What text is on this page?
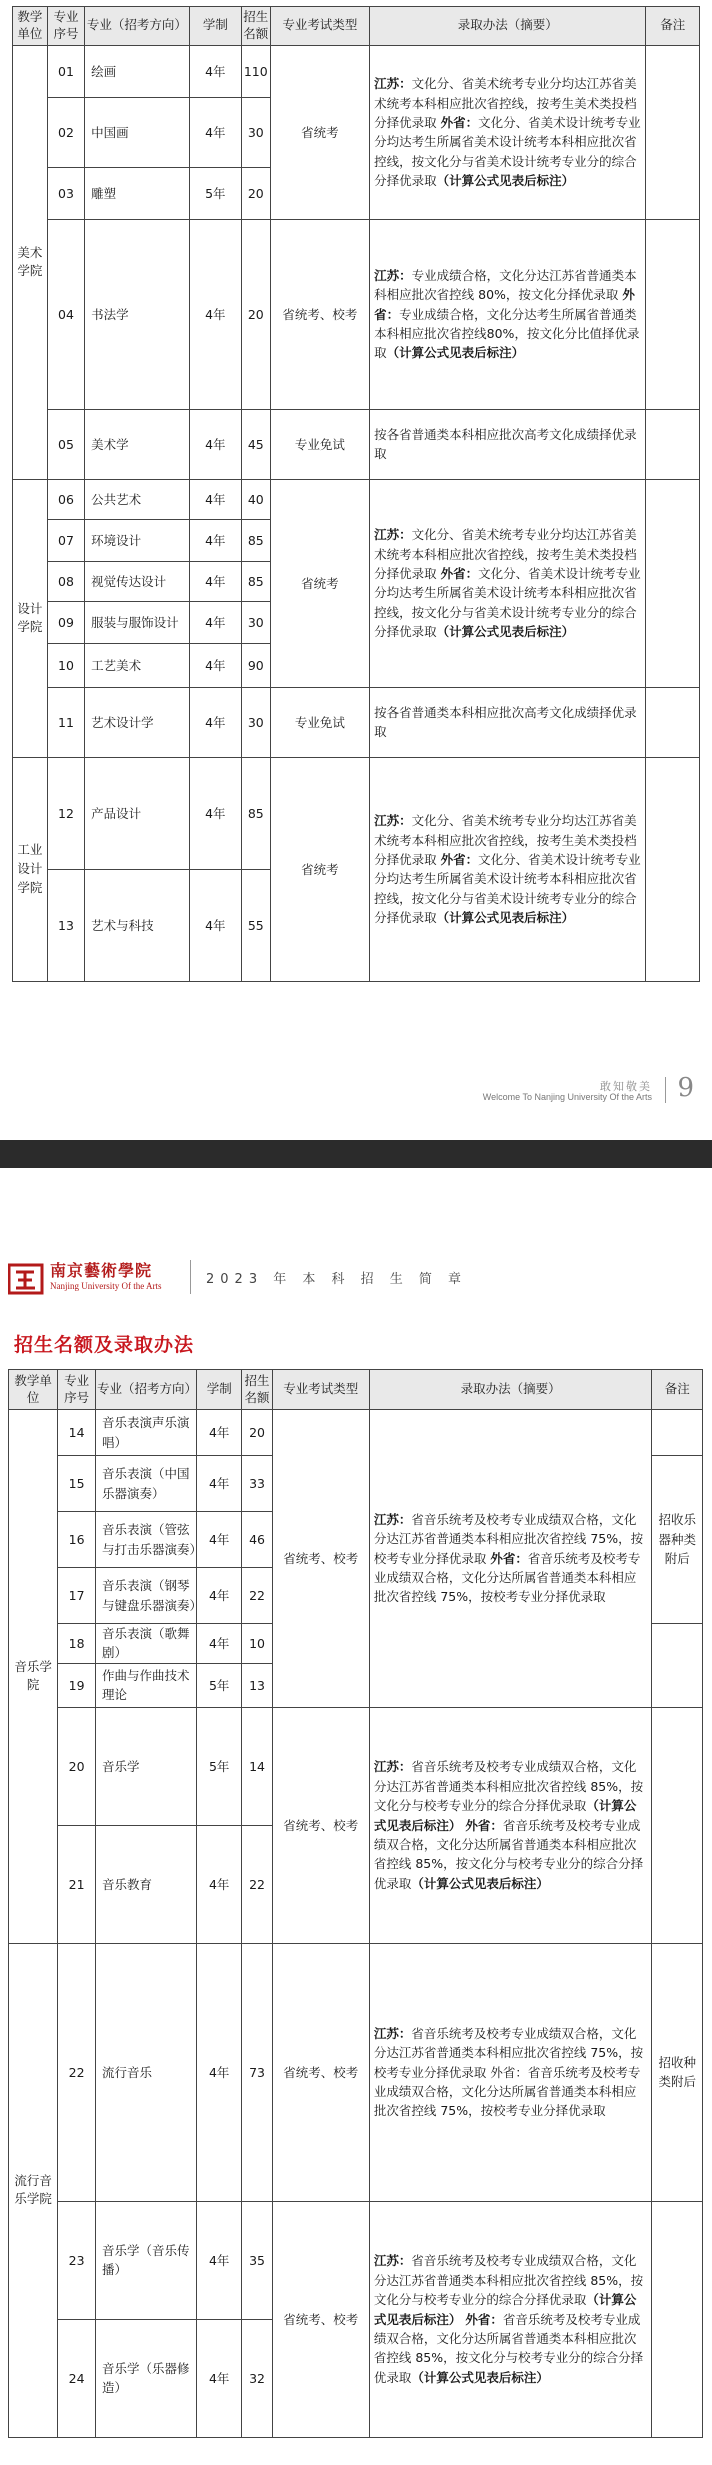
教学单位	专业序号	专业（招考方向）	学制	招生名额	专业考试类型	录取办法（摘要）	备注
美术学院	01	绘画	4年	110	省统考	江苏：文化分、省美术统考专业分均达江苏省美术统考本科相应批次省控线，按考生美术类投档分择优录取 外省：文化分、省美术设计统考专业分均达考生所属省美术设计统考本科相应批次省控线，按文化分与省美术设计统考专业分的综合分择优录取（计算公式见表后标注）	
	02	中国画	4年	30			
	03	雕塑	5年	20			
	04	书法学	4年	20	省统考、校考	江苏：专业成绩合格，文化分达江苏省普通类本科相应批次省控线 80%，按文化分择优录取 外省：专业成绩合格，文化分达考生所属省普通类本科相应批次省控线80%，按文化分比值择优录取（计算公式见表后标注）	
	05	美术学	4年	45	专业免试	按各省普通类本科相应批次高考文化成绩择优录取	
设计学院	06	公共艺术	4年	40	省统考	江苏：文化分、省美术统考专业分均达江苏省美术统考本科相应批次省控线，按考生美术类投档分择优录取 外省：文化分、省美术设计统考专业分均达考生所属省美术设计统考本科相应批次省控线，按文化分与省美术设计统考专业分的综合分择优录取（计算公式见表后标注）	
	07	环境设计	4年	85			
	08	视觉传达设计	4年	85			
	09	服装与服饰设计	4年	30			
	10	工艺美术	4年	90			
	11	艺术设计学	4年	30	专业免试	按各省普通类本科相应批次高考文化成绩择优录取	
工业设计学院	12	产品设计	4年	85	省统考	江苏：文化分、省美术统考专业分均达江苏省美术统考本科相应批次省控线，按考生美术类投档分择优录取 外省：文化分、省美术设计统考专业分均达考生所属省美术设计统考本科相应批次省控线，按文化分与省美术设计统考专业分的综合分择优录取（计算公式见表后标注）	
	13	艺术与科技	4年	55			
敢知敬美
Welcome To Nanjing University Of the Arts 9
南京藝術學院
Nanjing University Of the Arts	2023 年 本 科 招 生 简 章
招生名额及录取办法
教学单位	专业序号	专业（招考方向）	学制	招生名额	专业考试类型	录取办法（摘要）	备注
音乐学院	14	音乐表演声乐演唱）	4年	20	省统考、校考	江苏：省音乐统考及校考专业成绩双合格，文化分达江苏省普通类本科相应批次省控线 75%，按校考专业分择优录取 外省：省音乐统考及校考专业成绩双合格，文化分达所属省普通类本科相应批次省控线 75%，按校考专业分择优录取	
	15	音乐表演（中国乐器演奏）	4年	33			招收乐器种类附后
	16	音乐表演（管弦与打击乐器演奏）	4年	46			
	17	音乐表演（钢琴与键盘乐器演奏）	4年	22			
	18	音乐表演（歌舞剧）	4年	10			
	19	作曲与作曲技术理论	5年	13			
	20	音乐学	5年	14	省统考、校考	江苏：省音乐统考及校考专业成绩双合格，文化分达江苏省普通类本科相应批次省控线 85%，按文化分与校考专业分的综合分择优录取（计算公式见表后标注） 外省：省音乐统考及校考专业成绩双合格，文化分达所属省普通类本科相应批次省控线 85%，按文化分与校考专业分的综合分择优录取（计算公式见表后标注）	
	21	音乐教育	4年	22			
流行音乐学院	22	流行音乐	4年	73	省统考、校考	江苏：省音乐统考及校考专业成绩双合格，文化分达江苏省普通类本科相应批次省控线 75%，按校考专业分择优录取 外省：省音乐统考及校考专业成绩双合格，文化分达所属省普通类本科相应批次省控线 75%，按校考专业分择优录取	招收种类附后
	23	音乐学（音乐传播）	4年	35	省统考、校考	江苏：省音乐统考及校考专业成绩双合格，文化分达江苏省普通类本科相应批次省控线 85%，按文化分与校考专业分的综合分择优录取（计算公式见表后标注） 外省：省音乐统考及校考专业成绩双合格，文化分达所属省普通类本科相应批次省控线 85%，按文化分与校考专业分的综合分择优录取（计算公式见表后标注）	
	24	音乐学（乐器修造）	4年	32			
